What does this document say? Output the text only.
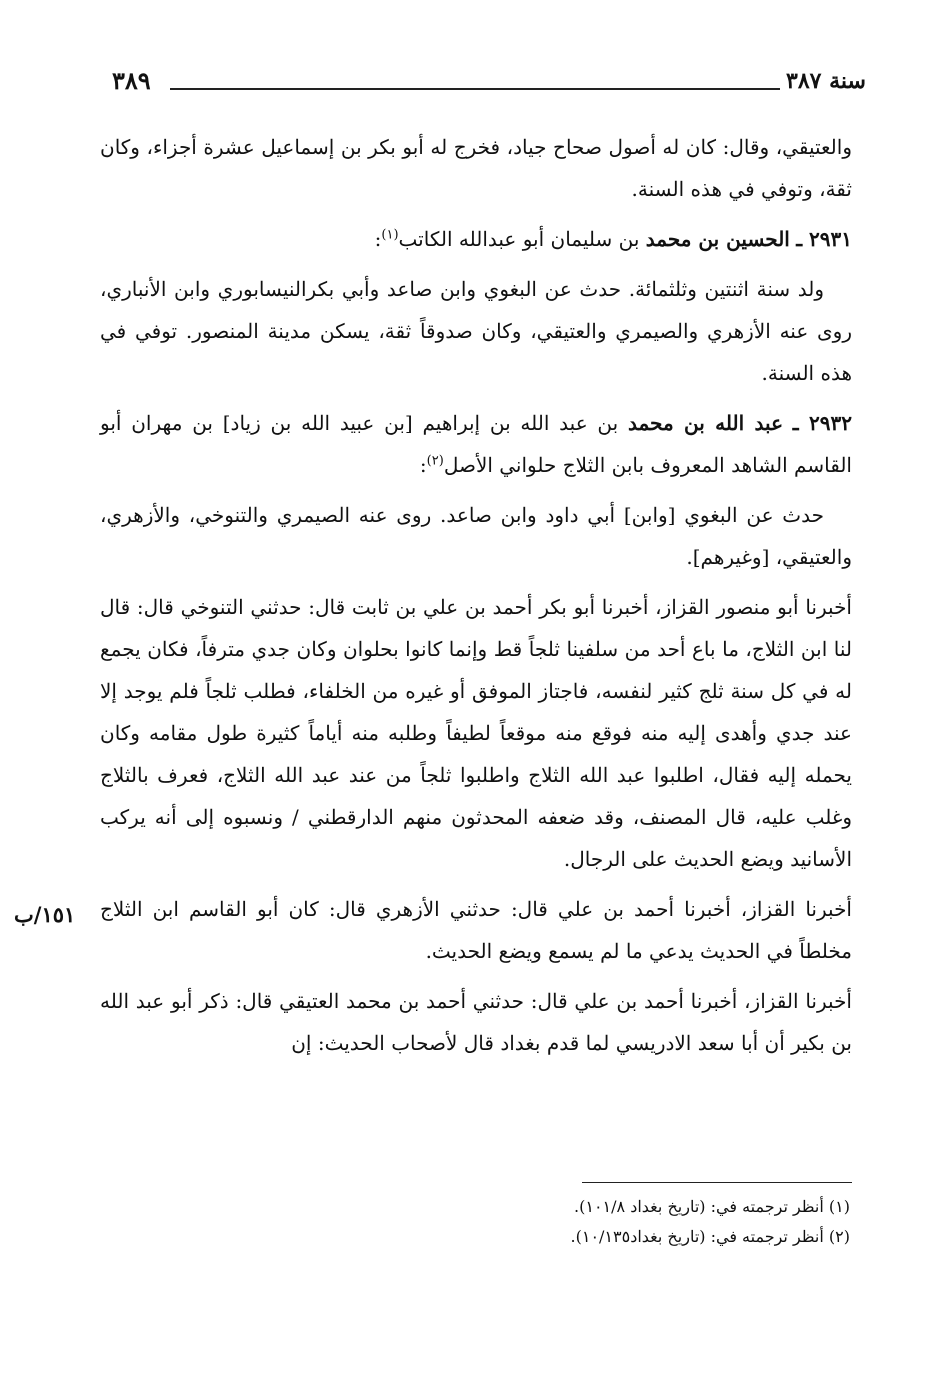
٣٨٩	سنة ٣٨٧
١٥١/ب

والعتيقي، وقال: كان له أصول صحاح جياد، فخرج له أبو بكر بن إسماعيل عشرة أجزاء، وكان ثقة، وتوفي في هذه السنة.

٢٩٣١ ـ الحسين بن محمد بن سليمان أبو عبدالله الكاتب$^{(١)}$:

ولد سنة اثنتين وثلثمائة. حدث عن البغوي وابن صاعد وأبي بكرالنيسابوري وابن الأنباري، روى عنه الأزهري والصيمري والعتيقي، وكان صدوقاً ثقة، يسكن مدينة المنصور. توفي في هذه السنة.

٢٩٣٢ ـ عبد الله بن محمد بن عبد الله بن إبراهيم [بن عبيد الله بن زياد] بن مهران أبو القاسم الشاهد المعروف بابن الثلاج حلواني الأصل$^{(٢)}$:

حدث عن البغوي [وابن] أبي داود وابن صاعد. روى عنه الصيمري والتنوخي، والأزهري، والعتيقي، [وغيرهم].

أخبرنا أبو منصور القزاز، أخبرنا أبو بكر أحمد بن علي بن ثابت قال: حدثني التنوخي قال: قال لنا ابن الثلاج، ما باع أحد من سلفينا ثلجاً قط وإنما كانوا بحلوان وكان جدي مترفاً، فكان يجمع له في كل سنة ثلج كثير لنفسه، فاجتاز الموفق أو غيره من الخلفاء، فطلب ثلجاً فلم يوجد إلا عند جدي وأهدى إليه منه فوقع منه موقعاً لطيفاً وطلبه منه أياماً كثيرة طول مقامه وكان يحمله إليه فقال، اطلبوا عبد الله الثلاج واطلبوا ثلجاً من عند عبد الله الثلاج، فعرف بالثلاج وغلب عليه، قال المصنف، وقد ضعفه المحدثون منهم الدارقطني / ونسبوه إلى أنه يركب الأسانيد ويضع الحديث على الرجال.

أخبرنا القزاز، أخبرنا أحمد بن علي قال: حدثني الأزهري قال: كان أبو القاسم ابن الثلاج مخلطاً في الحديث يدعي ما لم يسمع ويضع الحديث.

أخبرنا القزاز، أخبرنا أحمد بن علي قال: حدثني أحمد بن محمد العتيقي قال: ذكر أبو عبد الله بن بكير أن أبا سعد الادريسي لما قدم بغداد قال لأصحاب الحديث: إن

(١) أنظر ترجمته في: (تاريخ بغداد ١٠١/٨).

(٢) أنظر ترجمته في: (تاريخ بغداد١٠/١٣٥).
